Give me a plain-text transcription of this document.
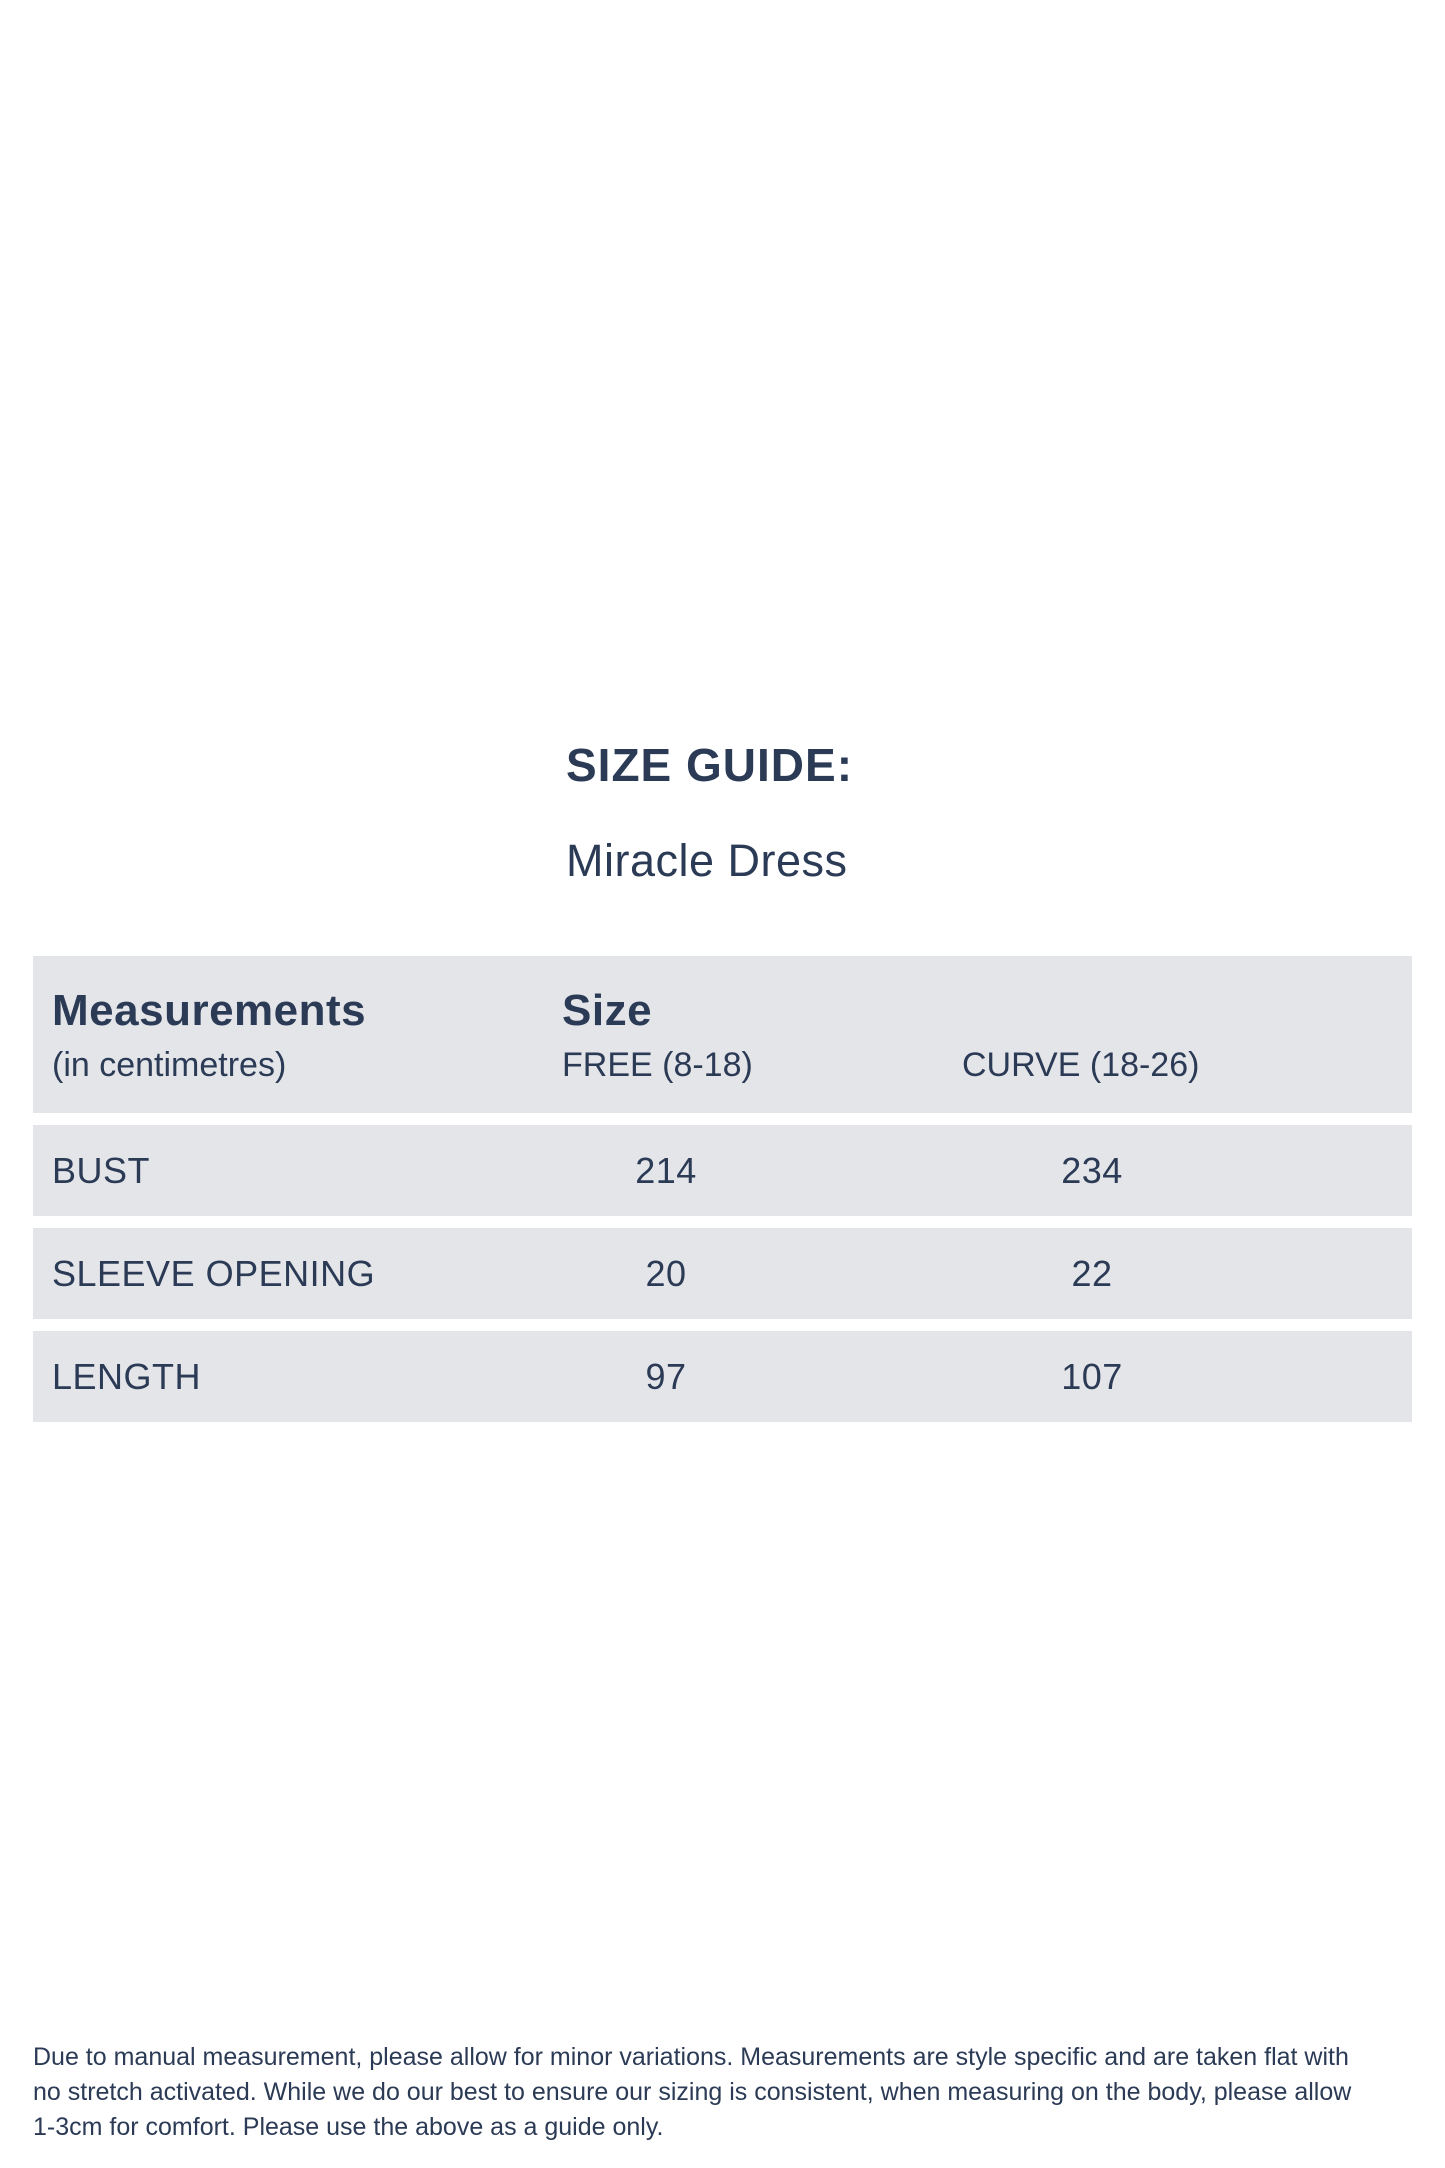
SIZE GUIDE:
Miracle Dress
Measurements	Size
(in centimetres)	FREE (8-18)	CURVE (18-26)
BUST	214	234
SLEEVE OPENING	20	22
LENGTH	97	107
Due to manual measurement, please allow for minor variations. Measurements are style specific and are taken flat with
no stretch activated. While we do our best to ensure our sizing is consistent, when measuring on the body, please allow
1-3cm for comfort. Please use the above as a guide only.
